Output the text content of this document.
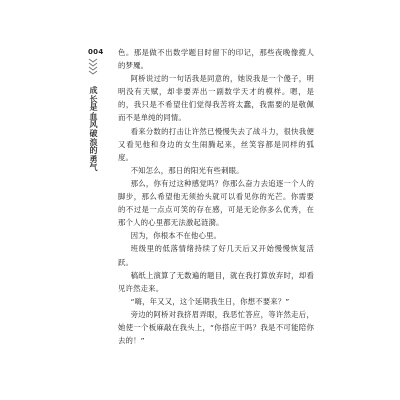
004
成长是血风破浪的勇气

色。那是做不出数学题目时留下的印记，那些夜晚像揽人的梦魇。

阿桥说过的一句话我是同意的，她说我是一个傻子，明明没有天赋，却非要弄出一副数学天才的模样。嗯，是的，我只是不希望住们觉得我苦将太蠢，我需要的是敬佩而不是单纯的同情。

看来分数的打击让许然已慢慢失去了战斗力，很快我便又看见他和身边的女生闹腾起来，丝笑容都是同样的弧度。

不知怎么，那日的阳光有些刺眼。

那么，你有过这种感觉吗？你那么奋力去追逐一个人的脚步，那么希望他无须抬头就可以看见你的光芒。你需要的不过是一点点可笑的存在感，可是无论你多么优秀，在那个人的心里都无法激起涟漪。

因为，你根本不在他心里。

班级里的低落情绪持续了好几天后又开始慢慢恢复活跃。

稿纸上演算了无数遍的题目，就在我打算放弃时，却看见许然走来。

“嗨，年又又，这个延期我生日，你想不要来？”

旁边的阿桥对我挤眉弄眼，我恶忙答应，等许然走后，她使一个板麻敲在我头上，“你搭应干吗？我是不可能陪你去的！”
